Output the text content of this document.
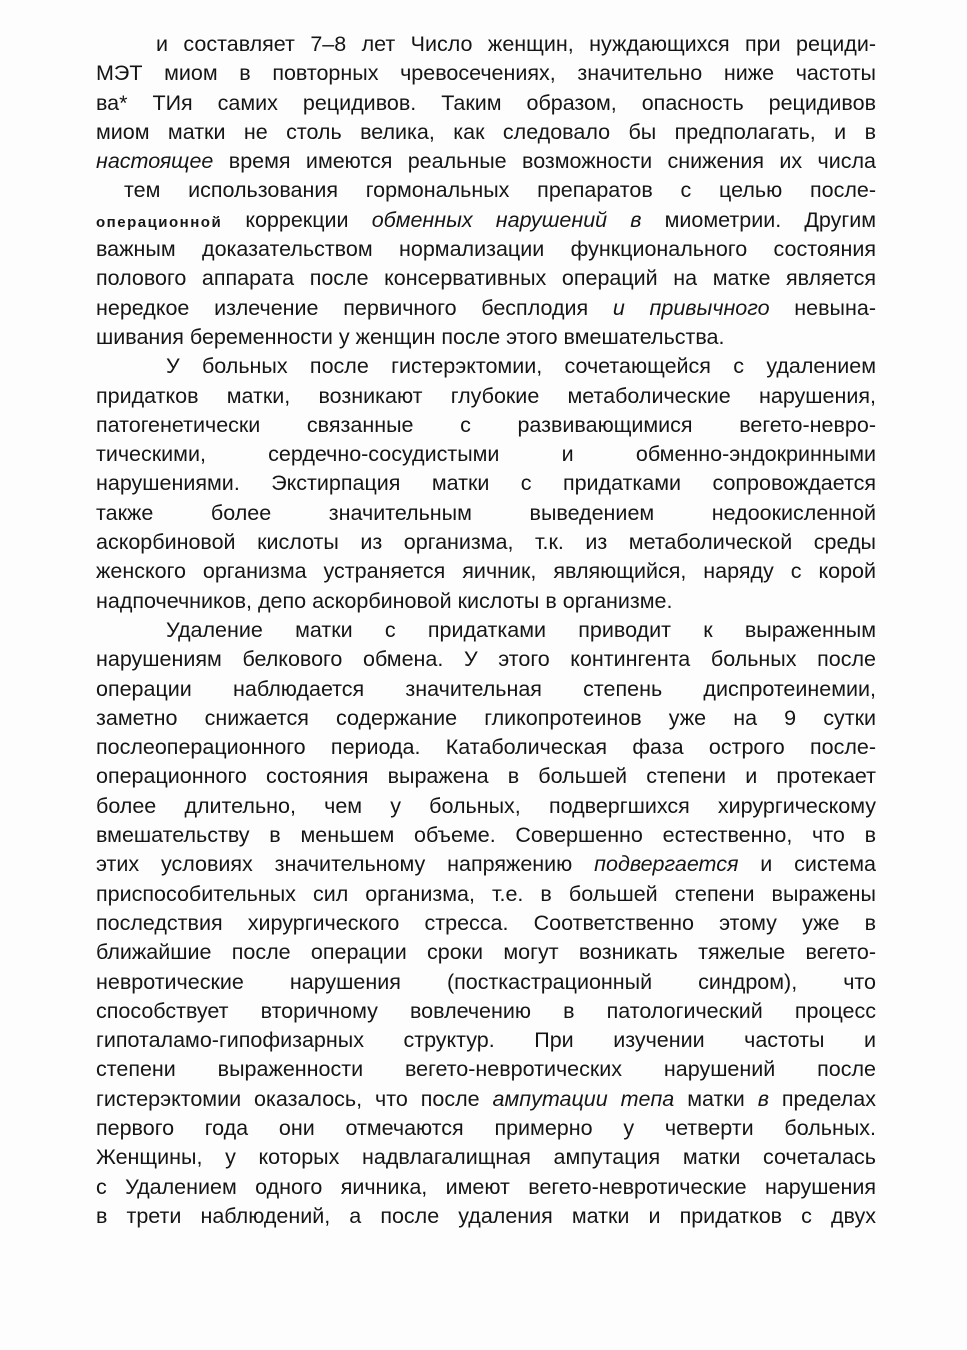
и составляет 7–8 лет Число женщин, нуждающихся при рециди-
МЭТ миом в повторных чревосечениях, значительно ниже частоты
ва* ТИя самих рецидивов. Таким образом, опасность рецидивов
миом матки не столь велика, как следовало бы предполагать, и в
настоящее время имеются реальные возможности снижения их числа
тем использования гормональных препаратов с целью после-
операционной коррекции обменных нарушений в миометрии. Другим
важным доказательством нормализации функционального состояния
полового аппарата после консервативных операций на матке является
нередкое излечение первичного бесплодия и привычного невына-
шивания беременности у женщин после этого вмешательства.
У больных после гистерэктомии, сочетающейся с удалением
придатков матки, возникают глубокие метаболические нарушения,
патогенетически связанные с развивающимися вегето-невро-
тическими, сердечно-сосудистыми и обменно-эндокринными
нарушениями. Экстирпация матки с придатками сопровождается
также более значительным выведением недоокисленной
аскорбиновой кислоты из организма, т.к. из метаболической среды
женского организма устраняется яичник, являющийся, наряду с корой
надпочечников, депо аскорбиновой кислоты в организме.
Удаление матки с придатками приводит к выраженным
нарушениям белкового обмена. У этого контингента больных после
операции наблюдается значительная степень диспротеинемии,
заметно снижается содержание гликопротеинов уже на 9 сутки
послеоперационного периода. Катаболическая фаза острого после-
операционного состояния выражена в большей степени и протекает
более длительно, чем у больных, подвергшихся хирургическому
вмешательству в меньшем объеме. Совершенно естественно, что в
этих условиях значительному напряжению подвергается и система
приспособительных сил организма, т.е. в большей степени выражены
последствия хирургического стресса. Соответственно этому уже в
ближайшие после операции сроки могут возникать тяжелые вегето-
невротические нарушения (посткастрационный синдром), что
способствует вторичному вовлечению в патологический процесс
гипоталамо-гипофизарных структур. При изучении частоты и
степени выраженности вегето-невротических нарушений после
гистерэктомии оказалось, что после ампутации тепа матки в пределах
первого года они отмечаются примерно у четверти больных.
Женщины, у которых надвлагалищная ампутация матки сочеталась
с Удалением одного яичника, имеют вегето-невротические нарушения
в трети наблюдений, а после удаления матки и придатков с двух
